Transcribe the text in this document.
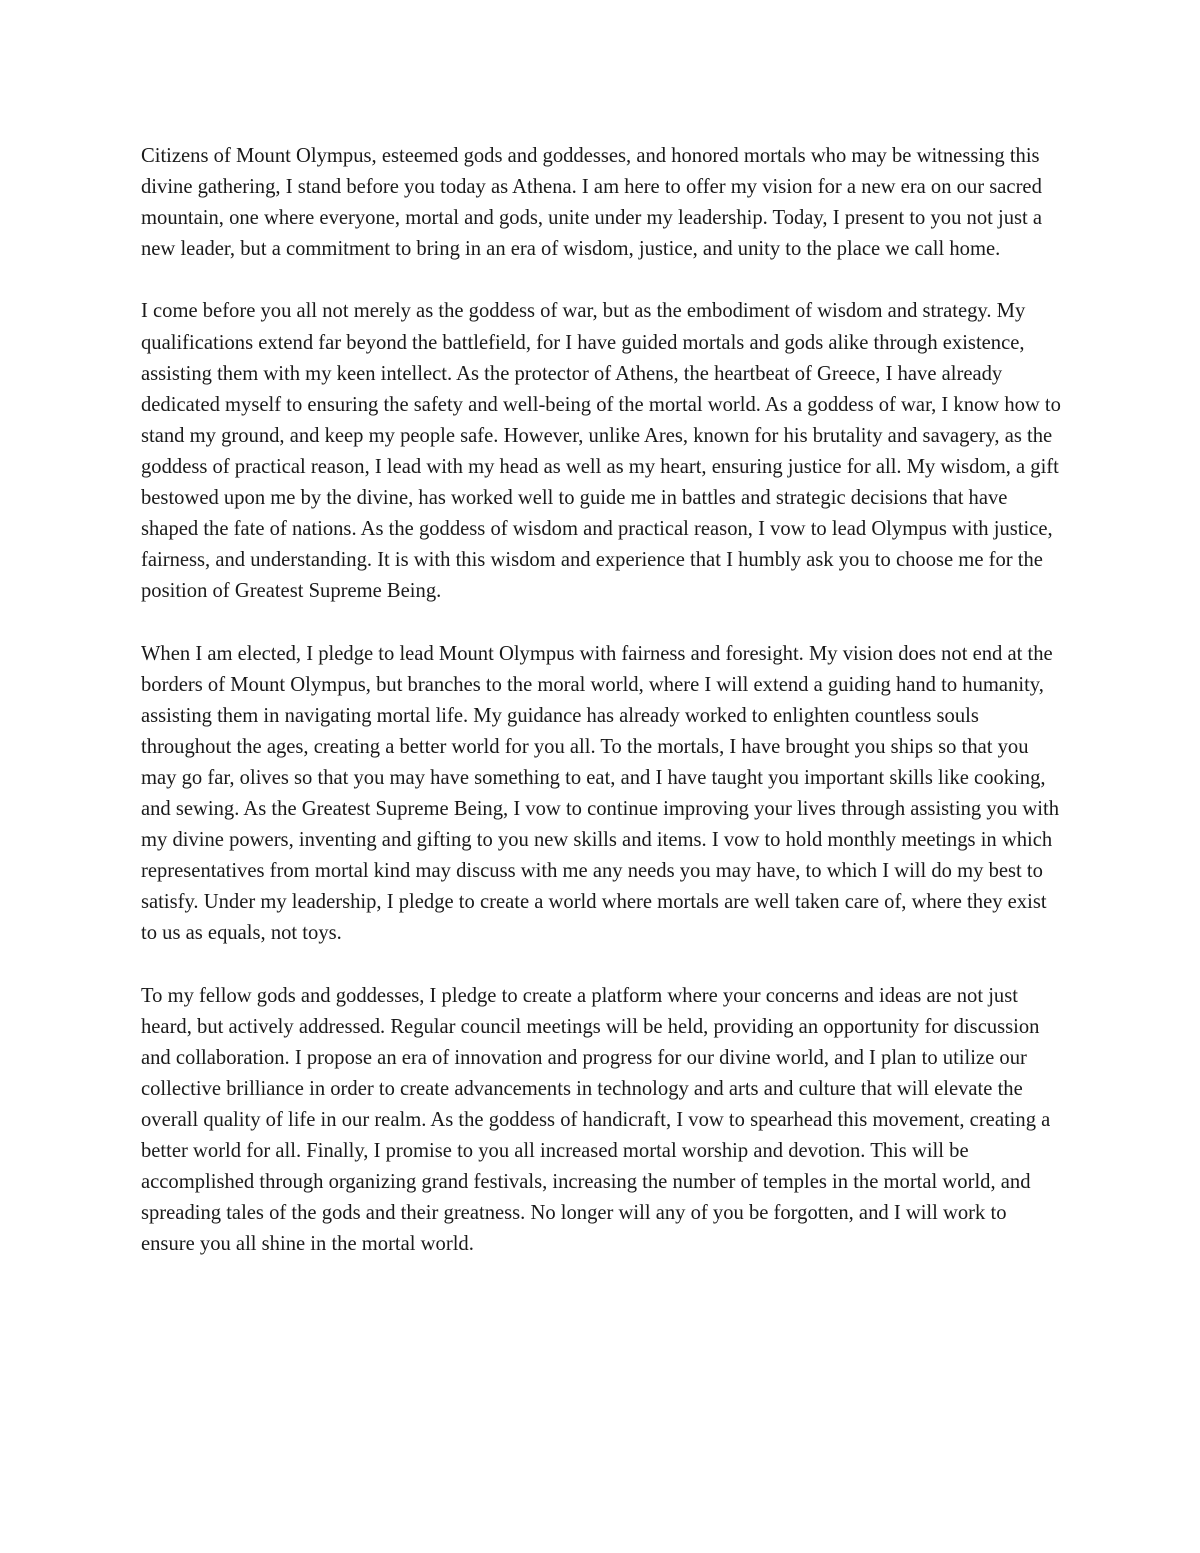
Citizens of Mount Olympus, esteemed gods and goddesses, and honored mortals who may be witnessing this divine gathering, I stand before you today as Athena. I am here to offer my vision for a new era on our sacred mountain, one where everyone, mortal and gods, unite under my leadership. Today, I present to you not just a new leader, but a commitment to bring in an era of wisdom, justice, and unity to the place we call home.

I come before you all not merely as the goddess of war, but as the embodiment of wisdom and strategy. My qualifications extend far beyond the battlefield, for I have guided mortals and gods alike through existence, assisting them with my keen intellect. As the protector of Athens, the heartbeat of Greece, I have already dedicated myself to ensuring the safety and well-being of the mortal world. As a goddess of war, I know how to stand my ground, and keep my people safe. However, unlike Ares, known for his brutality and savagery, as the goddess of practical reason, I lead with my head as well as my heart, ensuring justice for all. My wisdom, a gift bestowed upon me by the divine, has worked well to guide me in battles and strategic decisions that have shaped the fate of nations. As the goddess of wisdom and practical reason, I vow to lead Olympus with justice, fairness, and understanding. It is with this wisdom and experience that I humbly ask you to choose me for the position of Greatest Supreme Being.

When I am elected, I pledge to lead Mount Olympus with fairness and foresight. My vision does not end at the borders of Mount Olympus, but branches to the moral world, where I will extend a guiding hand to humanity, assisting them in navigating mortal life. My guidance has already worked to enlighten countless souls throughout the ages, creating a better world for you all. To the mortals, I have brought you ships so that you may go far, olives so that you may have something to eat, and I have taught you important skills like cooking, and sewing. As the Greatest Supreme Being, I vow to continue improving your lives through assisting you with my divine powers, inventing and gifting to you new skills and items. I vow to hold monthly meetings in which representatives from mortal kind may discuss with me any needs you may have, to which I will do my best to satisfy. Under my leadership, I pledge to create a world where mortals are well taken care of, where they exist to us as equals, not toys.

To my fellow gods and goddesses, I pledge to create a platform where your concerns and ideas are not just heard, but actively addressed. Regular council meetings will be held, providing an opportunity for discussion and collaboration. I propose an era of innovation and progress for our divine world, and I plan to utilize our collective brilliance in order to create advancements in technology and arts and culture that will elevate the overall quality of life in our realm. As the goddess of handicraft, I vow to spearhead this movement, creating a better world for all. Finally, I promise to you all increased mortal worship and devotion. This will be accomplished through organizing grand festivals, increasing the number of temples in the mortal world, and spreading tales of the gods and their greatness. No longer will any of you be forgotten, and I will work to ensure you all shine in the mortal world.
